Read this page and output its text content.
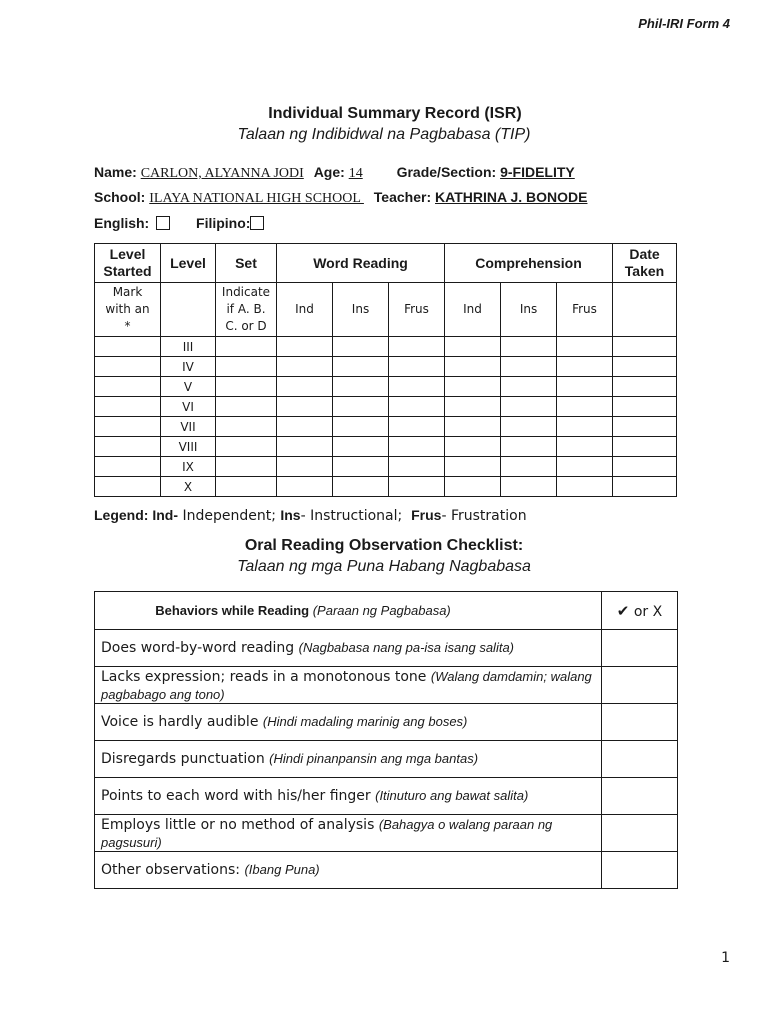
Phil-IRI Form 4
Individual Summary Record (ISR)
Talaan ng Indibidwal na Pagbabasa (TIP)
Name: CARLON, ALYANNA JODI Age: 14 Grade/Section: 9-FIDELITY
School: ILAYA NATIONAL HIGH SCHOOL  Teacher: KATHRINA J. BONODE
English:	Filipino:
Level Started	Level	Set	Word Reading			Comprehension			Date Taken
Mark with an *		Indicate if A. B. C. or D	Ind	Ins	Frus	Ind	Ins	Frus	
	III								
	IV								
	V								
	VI								
	VII								
	VIII								
	IX								
	X								
Legend: Ind- Independent; Ins- Instructional;  Frus- Frustration
Oral Reading Observation Checklist:
Talaan ng mga Puna Habang Nagbabasa
Behaviors while Reading (Paraan ng Pagbabasa)	✔ or X
Does word-by-word reading (Nagbabasa nang pa-isa isang salita)	
Lacks expression; reads in a monotonous tone (Walang damdamin; walang pagbabago ang tono)	
Voice is hardly audible (Hindi madaling marinig ang boses)	
Disregards punctuation (Hindi pinanpansin ang mga bantas)	
Points to each word with his/her finger (Itinuturo ang bawat salita)	
Employs little or no method of analysis (Bahagya o walang paraan ng pagsusuri)	
Other observations: (Ibang Puna)	
1
